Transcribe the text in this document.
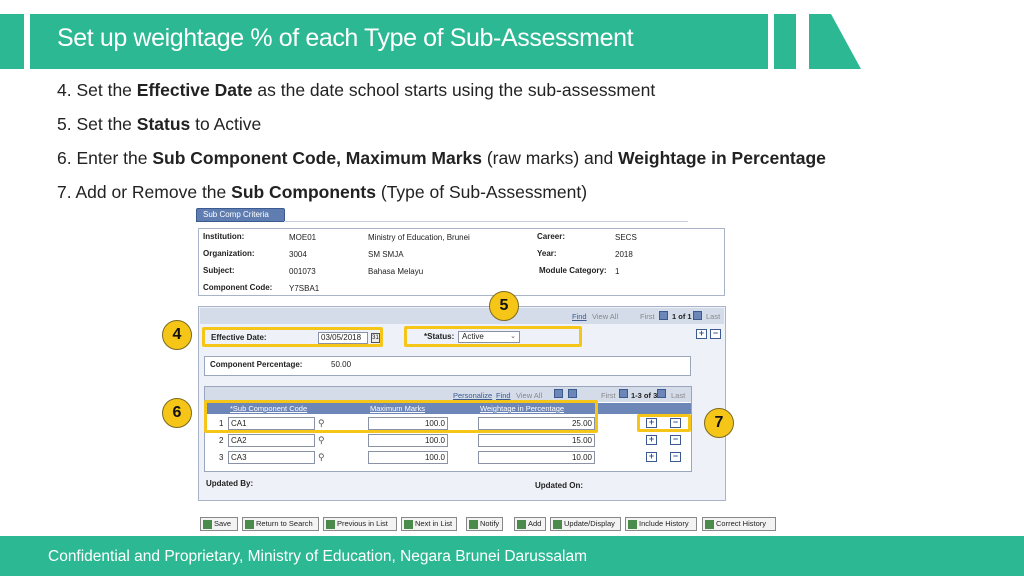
Set up weightage % of each Type of Sub-Assessment
4. Set the Effective Date as the date school starts using the sub-assessment
5. Set the Status to Active
6. Enter the Sub Component Code, Maximum Marks (raw marks) and Weightage in Percentage
7. Add or Remove the Sub Components (Type of Sub-Assessment)
Sub Comp Criteria
Institution:	MOE01	Ministry of Education, Brunei	Career:	SECS
Organization:	3004	SM SMJA	Year:	2018
Subject:	001073	Bahasa Melayu	Module Category: 1
Component Code: Y7SBA1
Find View All	First 1 of 1 Last
+ −
Effective Date:	03/05/2018	31	*Status: Active	⌄
Component Percentage:	50.00
Personalize Find View All	First 1-3 of 3 Last
*Sub Component Code	Maximum Marks	Weightage in Percentage
1 CA1	⚲	100.0	25.00
2 CA2	⚲	100.0	15.00
3 CA3	⚲	100.0	10.00
+	−
+	−
+	−
Updated By:	Updated On:
Save	Return to Search	Previous in List	Next in List	Notify	Add	Update/Display	Include History	Correct History
4
5
6
7
Confidential and Proprietary, Ministry of Education, Negara Brunei Darussalam
